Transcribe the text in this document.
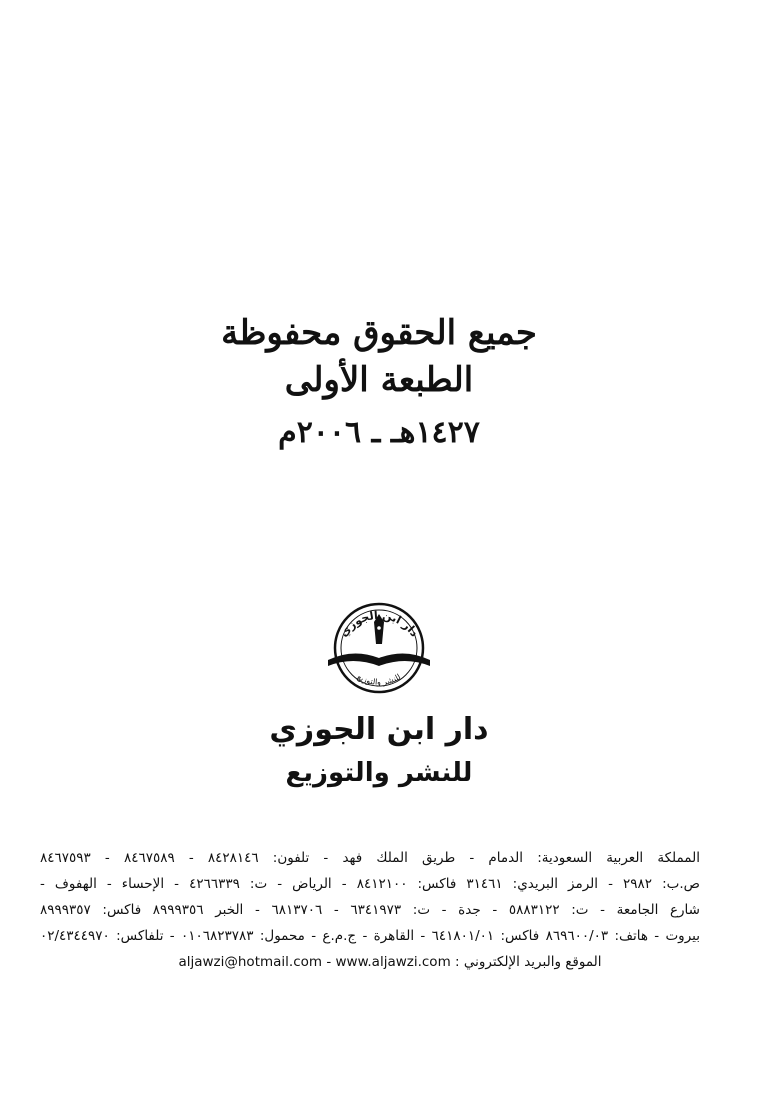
جميع الحقوق محفوظة
الطبعة الأولى
١٤٢٧هـ ـ ٢٠٠٦م
دار ابن الجوزي
للنشر والتوزيع
دار ابن الجوزي
للنشر والتوزيع
المملكة العربية السعودية: الدمام - طريق الملك فهد - تلفون: ٨٤٢٨١٤٦ - ٨٤٦٧٥٨٩ - ٨٤٦٧٥٩٣
ص.ب: ٢٩٨٢ - الرمز البريدي: ٣١٤٦١ فاكس: ٨٤١٢١٠٠ - الرياض - ت: ٤٢٦٦٣٣٩ - الإحساء - الهفوف -
شارع الجامعة - ت: ٥٨٨٣١٢٢ - جدة - ت: ٦٣٤١٩٧٣ - ٦٨١٣٧٠٦ - الخبر ٨٩٩٩٣٥٦ فاكس: ٨٩٩٩٣٥٧
بيروت - هاتف: ٨٦٩٦٠٠/٠٣ فاكس: ٦٤١٨٠١/٠١ - القاهرة - ج.م.ع - محمول: ٠١٠٦٨٢٣٧٨٣ - تلفاكس: ٠٢/٤٣٤٤٩٧٠
الموقع والبريد الإلكتروني : aljawzi@hotmail.com - www.aljawzi.com
